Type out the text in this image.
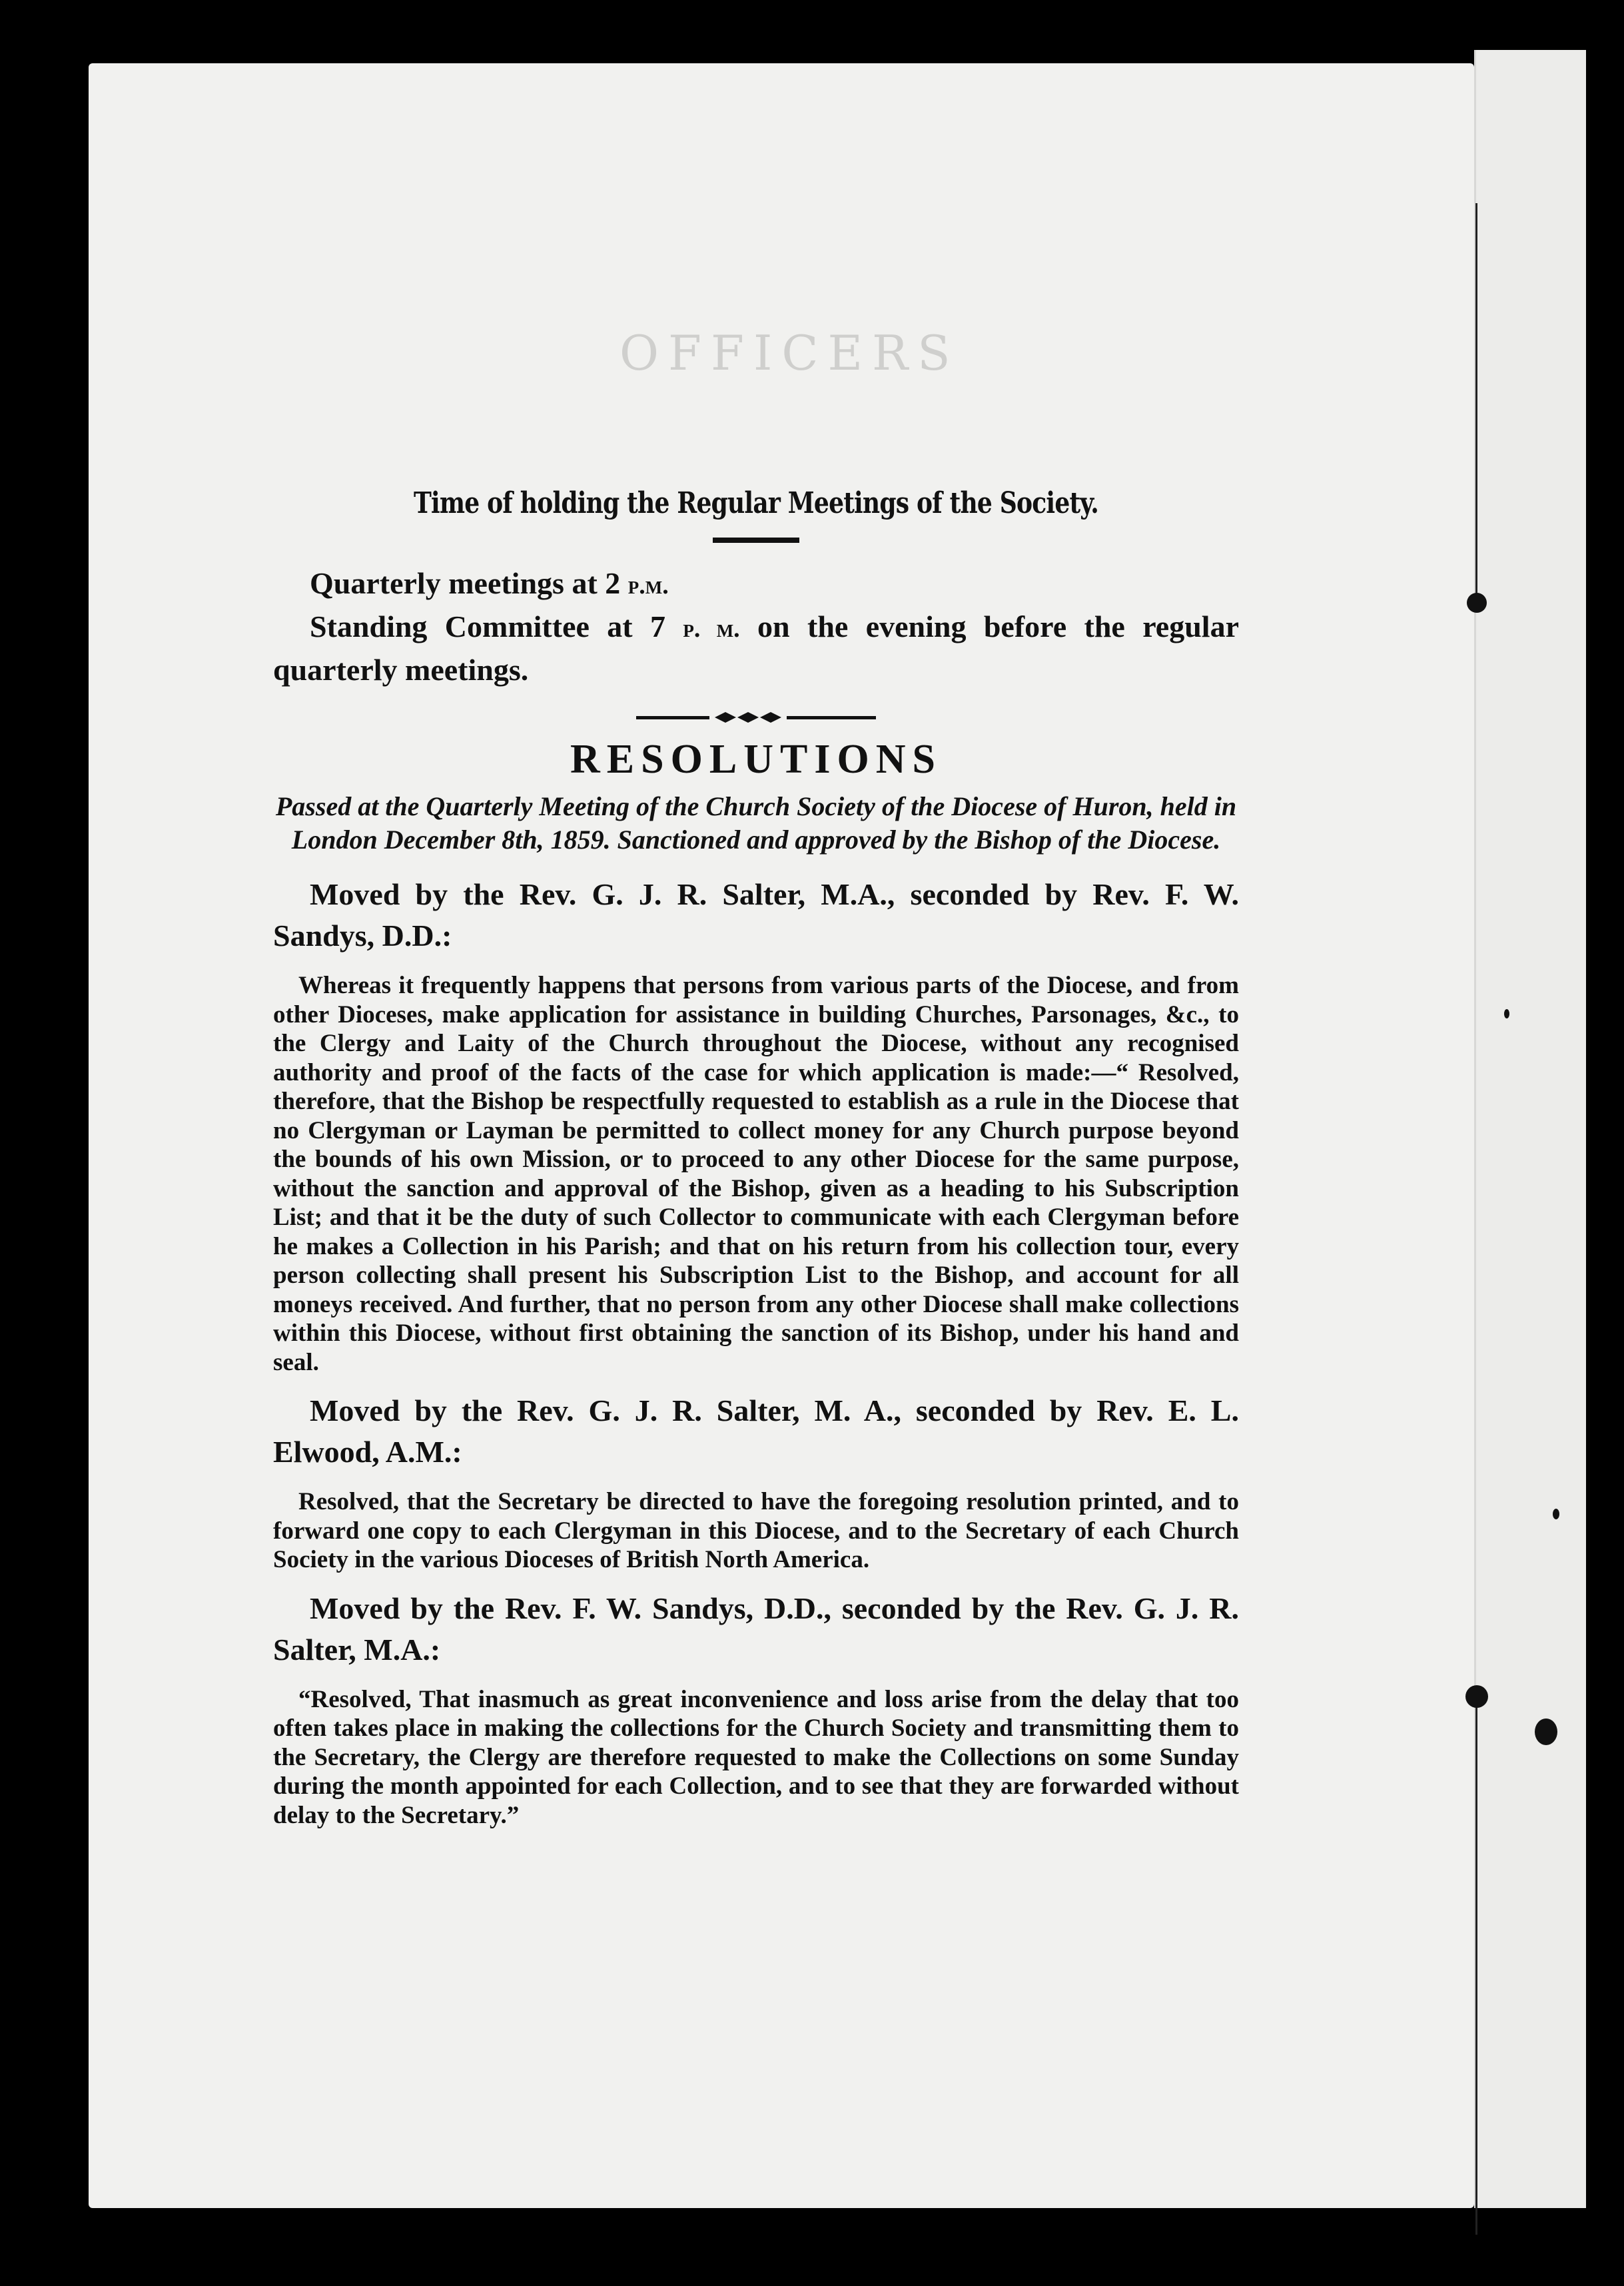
OFFICERS

Time of holding the Regular Meetings of the Society.

Quarterly meetings at 2 p.m.

Standing Committee at 7 p. m. on the evening before the regular quarterly meetings.

RESOLUTIONS

Passed at the Quarterly Meeting of the Church Society of the Diocese of Huron, held in London December 8th, 1859. Sanctioned and approved by the Bishop of the Diocese.

Moved by the Rev. G. J. R. Salter, M.A., seconded by Rev. F. W. Sandys, D.D.:

Whereas it frequently happens that persons from various parts of the Diocese, and from other Dioceses, make application for assistance in building Churches, Parsonages, &c., to the Clergy and Laity of the Church throughout the Diocese, without any recognised authority and proof of the facts of the case for which application is made:—“ Resolved, therefore, that the Bishop be respectfully requested to establish as a rule in the Diocese that no Clergyman or Layman be permitted to collect money for any Church purpose beyond the bounds of his own Mission, or to proceed to any other Diocese for the same purpose, without the sanction and approval of the Bishop, given as a heading to his Subscription List; and that it be the duty of such Collector to communicate with each Clergyman before he makes a Collection in his Parish; and that on his return from his collection tour, every person collecting shall present his Subscription List to the Bishop, and account for all moneys received. And further, that no person from any other Diocese shall make collections within this Diocese, without first obtaining the sanction of its Bishop, under his hand and seal.

Moved by the Rev. G. J. R. Salter, M. A., seconded by Rev. E. L. Elwood, A.M.:

Resolved, that the Secretary be directed to have the foregoing resolution printed, and to forward one copy to each Clergyman in this Diocese, and to the Secretary of each Church Society in the various Dioceses of British North America.

Moved by the Rev. F. W. Sandys, D.D., seconded by the Rev. G. J. R. Salter, M.A.:

“Resolved, That inasmuch as great inconvenience and loss arise from the delay that too often takes place in making the collections for the Church Society and transmitting them to the Secretary, the Clergy are therefore requested to make the Collections on some Sunday during the month appointed for each Collection, and to see that they are forwarded without delay to the Secretary.”
